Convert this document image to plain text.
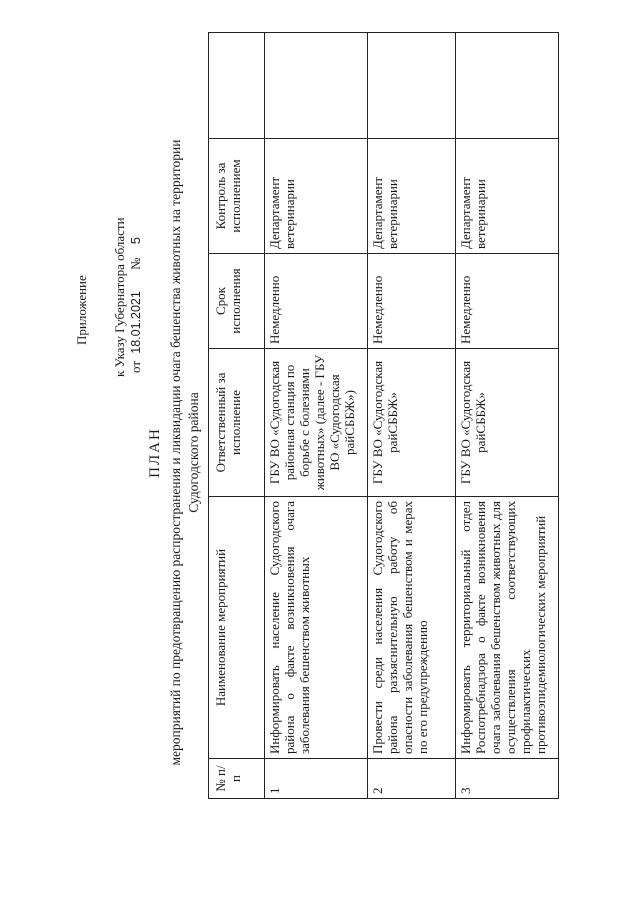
Приложение к Указу Губернатора области от 18.01.2021 № 5
ПЛАН мероприятий по предотвращению распространения и ликвидации очага бешенства животных на территории Судогодского района
№ п/п	Наименование мероприятий	Ответственный за исполнение	Срок исполнения	Контроль за исполнением	
1	Информировать население Судогодского района о факте возникновения очага заболевания бешенством животных	ГБУ ВО «Судогодская районная станция по борьбе с болезнями животных» (далее - ГБУ ВО «Судогодская райСББЖ»)	Немедленно	Департамент ветеринарии	
2	Провести среди населения Судогодского района разъяснительную работу об опасности заболевания бешенством и мерах по его предупреждению	ГБУ ВО «Судогодская райСББЖ»	Немедленно	Департамент ветеринарии	
3	Информировать территориальный отдел Роспотребнадзора о факте возникновения очага заболевания бешенством животных для осуществления соответствующих профилактических противоэпидемиологических мероприятий	ГБУ ВО «Судогодская райСББЖ»	Немедленно	Департамент ветеринарии	
